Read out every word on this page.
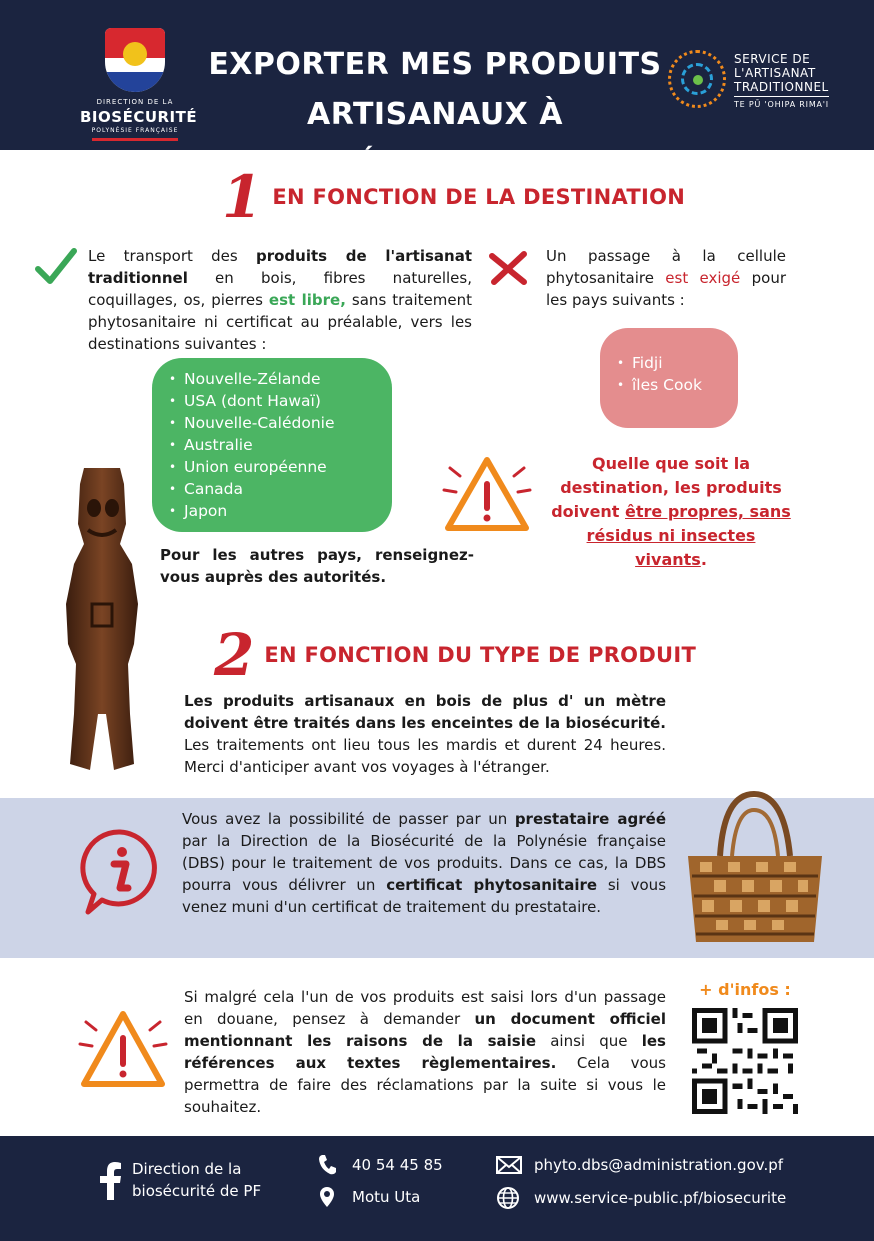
DIRECTION DE LA
BIOSÉCURITÉ
POLYNÉSIE FRANÇAISE
EXPORTER MES PRODUITS
ARTISANAUX À L'ÉTRANGER
SERVICE DE
L'ARTISANAT
TRADITIONNEL
TE PŪ 'OHIPA RIMA'I
1 EN FONCTION DE LA DESTINATION
Le transport des produits de l'artisanat traditionnel en bois, fibres naturelles, coquillages, os, pierres est libre, sans traitement phytosanitaire ni certificat au préalable, vers les destinations suivantes :
• Nouvelle-Zélande
• USA (dont Hawaï)
• Nouvelle-Calédonie
• Australie
• Union européenne
• Canada
• Japon
Pour les autres pays, renseignez-vous auprès des autorités.
Un passage à la cellule phytosanitaire est exigé pour les pays suivants :
• Fidji
• îles Cook
Quelle que soit la destination, les produits doivent être propres, sans résidus ni insectes vivants.
2 EN FONCTION DU TYPE DE PRODUIT
Les produits artisanaux en bois de plus d' un mètre doivent être traités dans les enceintes de la biosécurité. Les traitements ont lieu tous les mardis et durent 24 heures. Merci d'anticiper avant vos voyages à l'étranger.
Vous avez la possibilité de passer par un prestataire agréé par la Direction de la Biosécurité de la Polynésie française (DBS) pour le traitement de vos produits. Dans ce cas, la DBS pourra vous délivrer un certificat phytosanitaire si vous venez muni d'un certificat de traitement du prestataire.
Si malgré cela l'un de vos produits est saisi lors d'un passage en douane, pensez à demander un document officiel mentionnant les raisons de la saisie ainsi que les références aux textes règlementaires. Cela vous permettra de faire des réclamations par la suite si vous le souhaitez.
+ d'infos :
Direction de la
biosécurité de PF
40 54 45 85
Motu Uta
phyto.dbs@administration.gov.pf
www.service-public.pf/biosecurite
